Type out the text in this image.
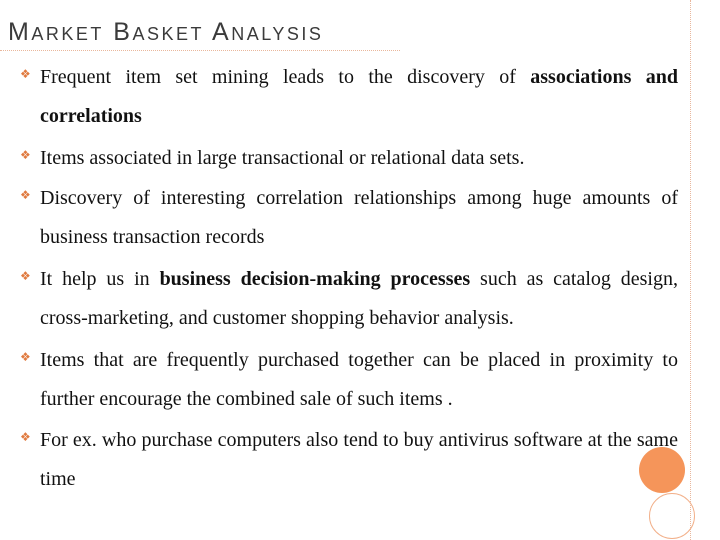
Market Basket Analysis
❖ Frequent item set mining leads to the discovery of associations and correlations
❖ Items associated in large transactional or relational data sets.
❖ Discovery of interesting correlation relationships among huge amounts of business transaction records
❖ It help us in business decision-making processes such as catalog design, cross-marketing, and customer shopping behavior analysis.
❖ Items that are frequently purchased together can be placed in proximity to further encourage the combined sale of such items .
❖ For ex. who purchase computers also tend to buy antivirus software at the same time
